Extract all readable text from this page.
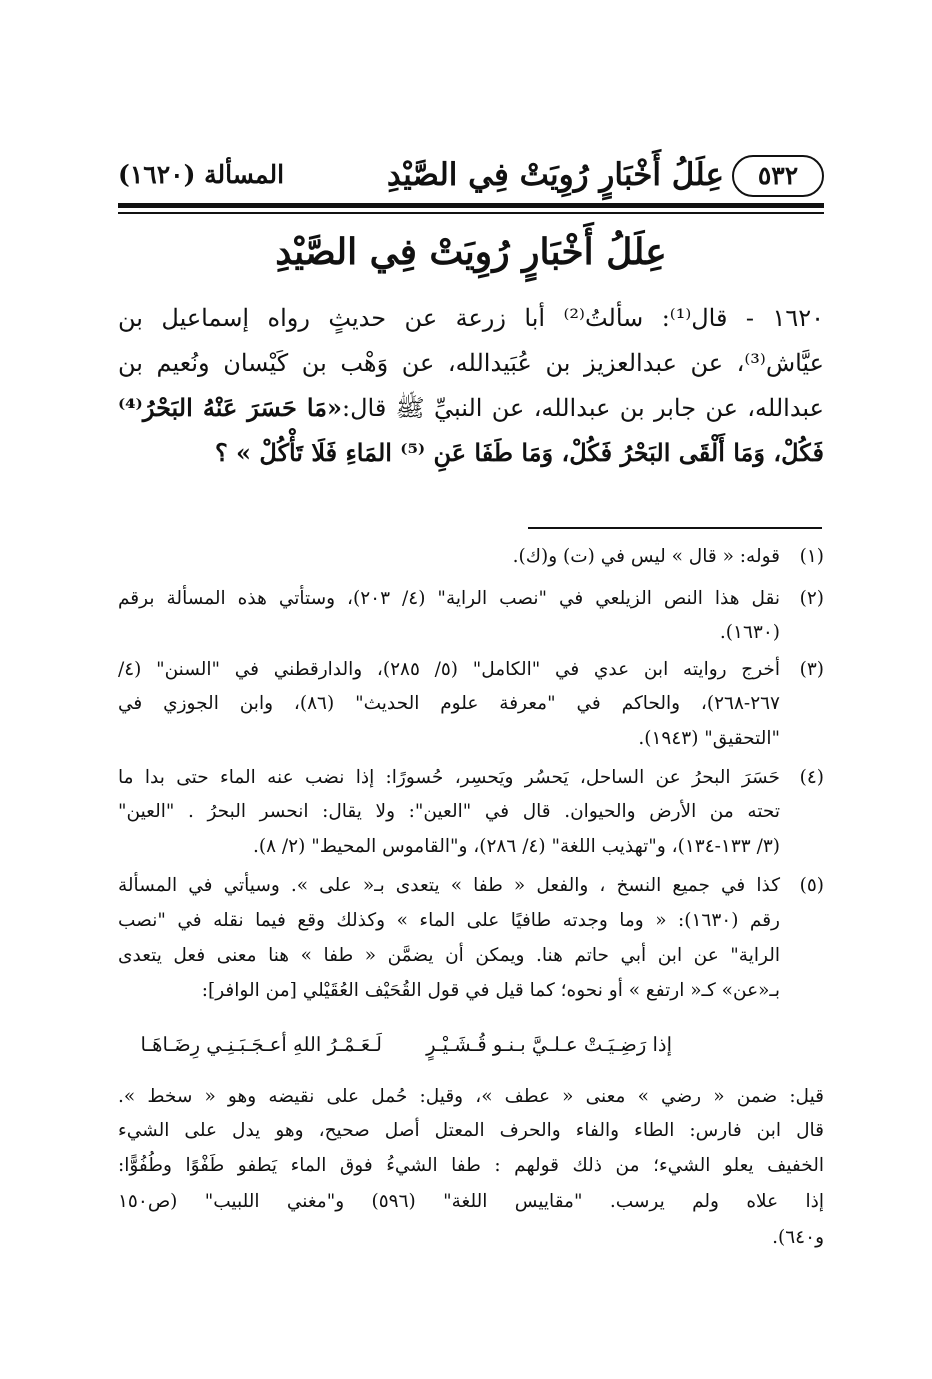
٥٣٢
عِلَلُ أَخْبَارٍ رُوِيَتْ فِي الصَّيْدِ
المسألة (١٦٢٠)
عِلَلُ أَخْبَارٍ رُوِيَتْ فِي الصَّيْدِ
١٦٢٠ - قال⁽¹⁾: سألتُ⁽²⁾ أبا زرعة عن حديثٍ رواه إسماعيل بن
عيَّاش⁽³⁾، عن عبدالعزيز بن عُبَيدالله، عن وَهْب بن كَيْسان ونُعيم بن
عبدالله، عن جابر بن عبدالله، عن النبيِّ ﷺ قال:«مَا حَسَرَ عَنْهُ البَحْرُ⁽⁴⁾
فَكُلْ، وَمَا أَلْقَى البَحْرُ فَكُلْ، وَمَا طَفَا عَنِ ⁽⁵⁾ المَاءِ فَلَا تَأْكُلْ » ؟
(١)
قوله: « قال » ليس في (ت) و(ك).
(٢)
نقل هذا النص الزيلعي في "نصب الراية" (٤/ ٢٠٣)، وستأتي هذه المسألة برقم
(١٦٣٠).
(٣)
أخرج روايته ابن عدي في "الكامل" (٥/ ٢٨٥)، والدارقطني في "السنن" (٤/
٢٦٧-٢٦٨)، والحاكم في "معرفة علوم الحديث" (٨٦)، وابن الجوزي في
"التحقيق" (١٩٤٣).
(٤)
حَسَرَ البحرُ عن الساحل، يَحسُر ويَحسِر، حُسورًا: إذا نضب عنه الماء حتى بدا ما
تحته من الأرض والحيوان. قال في "العين": ولا يقال: انحسر البحرُ . "العين"
(٣/ ١٣٣-١٣٤)، و"تهذيب اللغة" (٤/ ٢٨٦)، و"القاموس المحيط" (٢/ ٨).
(٥)
كذا في جميع النسخ ، والفعل « طفا » يتعدى بـ« على ». وسيأتي في المسألة
رقم (١٦٣٠): « وما وجدته طافيًا على الماء » وكذلك وقع فيما نقله في "نصب
الراية" عن ابن أبي حاتم هنا. ويمكن أن يضمَّن « طفا » هنا معنى فعل يتعدى
بـ«عن» كـ« ارتفع » أو نحوه؛ كما قيل في قول القُحَيْف العُقَيْلي [من الوافر]:
إذا رَضِـيَـتْ عـلـيَّ بـنـو قُـشَـيْـرٍ
لَـعَـمْـرُ اللهِ أعـجَـبَـنِـي رِضَـاهَـا
قيل: ضمن « رضي » معنى « عطف »، وقيل: حُمل على نقيضه وهو « سخط ».
قال ابن فارس: الطاء والفاء والحرف المعتل أصل صحيح، وهو يدل على الشيء
الخفيف يعلو الشيء؛ من ذلك قولهم : طفا الشيءُ فوق الماء يَطفو طَفْوًا وطُفُوًّا:
إذا علاه ولم يرسب. "مقاييس اللغة" (٥٩٦) و"مغني اللبيب" (ص١٥٠
و٦٤٠).
